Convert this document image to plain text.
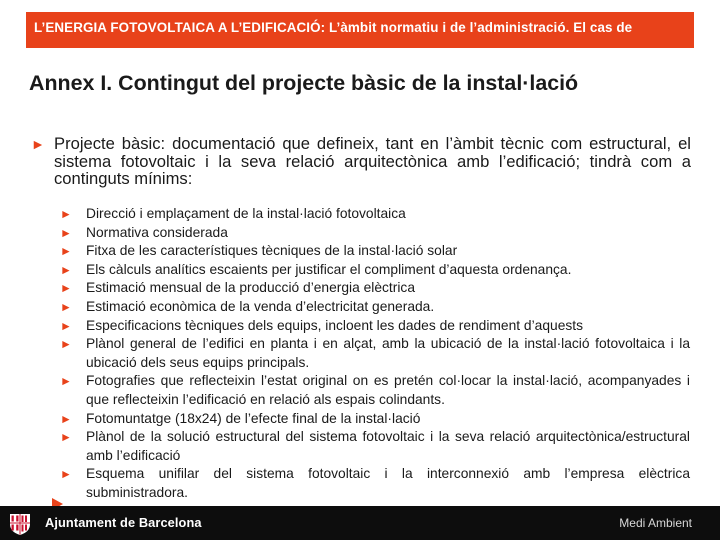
L’ENERGIA FOTOVOLTAICA A L’EDIFICACIÓ: L’àmbit normatiu i de l’administració. El cas de
Annex I. Contingut del projecte bàsic de la instal·lació
► Projecte bàsic: documentació que defineix, tant en l’àmbit tècnic com estructural, el sistema fotovoltaic i la seva relació arquitectònica amb l’edificació; tindrà com a continguts mínims:
►	Direcció i emplaçament de la instal·lació fotovoltaica
►	Normativa considerada
►	Fitxa de les característiques tècniques de la instal·lació solar
►	Els càlculs analítics escaients per justificar el compliment d’aquesta ordenança.
►	Estimació mensual de la producció d’energia elèctrica
►	Estimació econòmica de la venda d’electricitat generada.
►	Especificacions tècniques dels equips, incloent les dades de rendiment d’aquests
►	Plànol general de l’edifici en planta i en alçat, amb la ubicació de la instal·lació fotovoltaica i la ubicació dels seus equips principals.
►	Fotografies que reflecteixin l’estat original on es pretén col·locar la instal·lació, acompanyades i que reflecteixin l’edificació en relació als espais colindants.
►	Fotomuntatge (18x24) de l’efecte final de la instal·lació
►	Plànol de la solució estructural del sistema fotovoltaic i la seva relació arquitectònica/estructural amb l’edificació
►	Esquema unifilar del sistema fotovoltaic i la interconnexió amb l’empresa elèctrica subministradora.
Ajuntament de Barcelona	Medi Ambient
